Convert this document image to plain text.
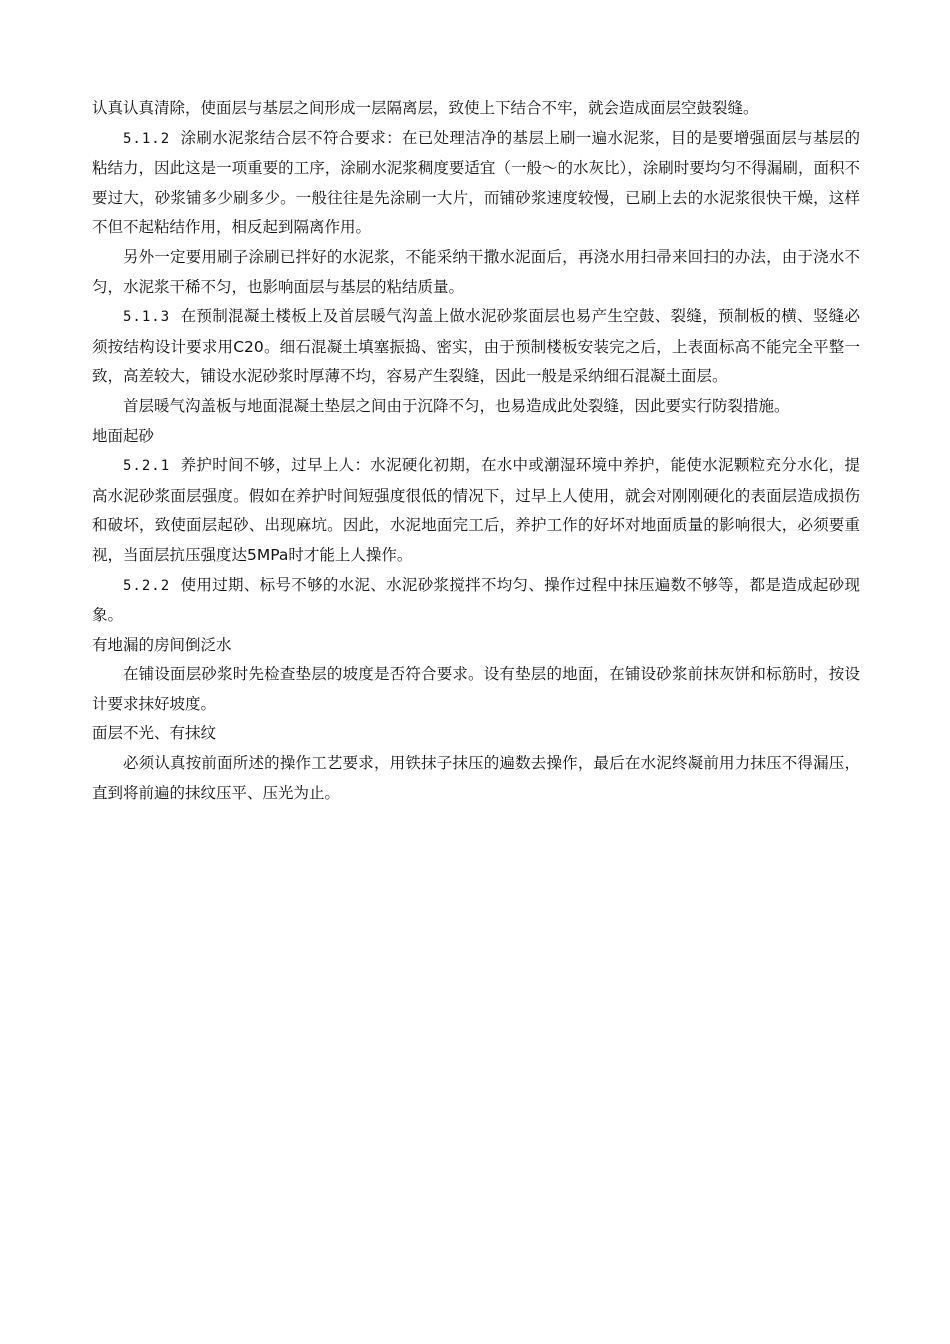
认真认真清除，使面层与基层之间形成一层隔离层，致使上下结合不牢，就会造成面层空鼓裂缝。

5.1.2 涂刷水泥浆结合层不符合要求：在已处理洁净的基层上刷一遍水泥浆，目的是要增强面层与基层的粘结力，因此这是一项重要的工序，涂刷水泥浆稠度要适宜（一般～的水灰比），涂刷时要均匀不得漏刷，面积不要过大，砂浆铺多少刷多少。一般往往是先涂刷一大片，而铺砂浆速度较慢，已刷上去的水泥浆很快干燥，这样不但不起粘结作用，相反起到隔离作用。

另外一定要用刷子涂刷已拌好的水泥浆，不能采纳干撒水泥面后，再浇水用扫帚来回扫的办法，由于浇水不匀，水泥浆干稀不匀，也影响面层与基层的粘结质量。

5.1.3 在预制混凝土楼板上及首层暖气沟盖上做水泥砂浆面层也易产生空鼓、裂缝，预制板的横、竖缝必须按结构设计要求用C20。细石混凝土填塞振捣、密实，由于预制楼板安装完之后，上表面标高不能完全平整一致，高差较大，铺设水泥砂浆时厚薄不均，容易产生裂缝，因此一般是采纳细石混凝土面层。

首层暖气沟盖板与地面混凝土垫层之间由于沉降不匀，也易造成此处裂缝，因此要实行防裂措施。

地面起砂

5.2.1 养护时间不够，过早上人：水泥硬化初期，在水中或潮湿环境中养护，能使水泥颗粒充分水化，提高水泥砂浆面层强度。假如在养护时间短强度很低的情况下，过早上人使用，就会对刚刚硬化的表面层造成损伤和破坏，致使面层起砂、出现麻坑。因此，水泥地面完工后，养护工作的好坏对地面质量的影响很大，必须要重视，当面层抗压强度达5MPa时才能上人操作。

5.2.2 使用过期、标号不够的水泥、水泥砂浆搅拌不均匀、操作过程中抹压遍数不够等，都是造成起砂现象。

有地漏的房间倒泛水

在铺设面层砂浆时先检查垫层的坡度是否符合要求。设有垫层的地面，在铺设砂浆前抹灰饼和标筋时，按设计要求抹好坡度。

面层不光、有抹纹

必须认真按前面所述的操作工艺要求，用铁抹子抹压的遍数去操作，最后在水泥终凝前用力抹压不得漏压，直到将前遍的抹纹压平、压光为止。
